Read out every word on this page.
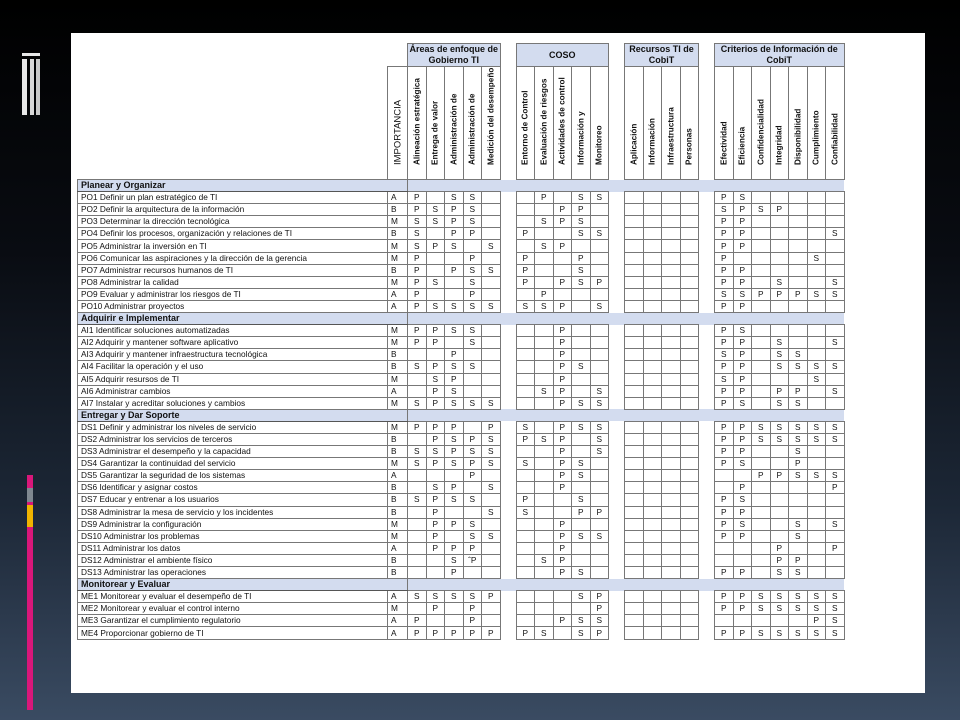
		Áreas de enfoque de Gobierno TI						COSO						Recursos TI de CobiT					Criterios de Información de CobiT						

	IMPORTANCIA	Alineación estratégica	Entrega de valor	Administración de	Administración de	Medición del desempeño		Entorno de Control	Evaluación de riesgos	Actividades de control	Información y	Monitoreo		Aplicación	Información	Infraestructura	Personas		Efectividad	Eficiencia	Confidencialidad	Integridad	Disponibilidad	Cumplimiento	Confiabilidad

Planear y Organizar																									
PO1 Definir un plan estratégico de TI	A	P		S	S				P		S	S							P	S					
PO2 Definir la arquitectura de la información	B	P	S	P	S					P	P								S	P	S	P			
PO3 Determinar la dirección tecnológica	M	S	S	P	S				S	P	S								P	P					
PO4 Definir los procesos, organización y relaciones de TI	B	S		P	P			P			S	S							P	P					S
PO5 Administrar la inversión en TI	M	S	P	S		S			S	P									P	P					
PO6 Comunicar las aspiraciones y la dirección de la gerencia	M	P			P			P			P								P					S	
PO7 Administrar recursos humanos de TI	B	P		P	S	S		P			S								P	P					
PO8 Administrar la calidad	M	P	S		S			P		P	S	P							P	P		S			S
PO9 Evaluar y administrar los riesgos de TI	A	P			P				P										S	S	P	P	P	S	S
PO10 Administrar proyectos	A	P	S	S	S	S		S	S	P		S							P	P					
Adquirir e Implementar																									
AI1 Identificar soluciones automatizadas	M	P	P	S	S					P									P	S					
AI2 Adquirir y mantener software aplicativo	M	P	P		S					P									P	P		S			S
AI3 Adquirir y mantener infraestructura tecnológica	B			P						P									S	P		S	S		
AI4 Facilitar la operación y el uso	B	S	P	S	S					P	S								P	P		S	S	S	S
AI5 Adquirir resursos de TI	M		S	P						P									S	P				S	
AI6 Administrar cambios	A		P	S					S	P		S							P	P		P	P		S
AI7 Instalar y acreditar soluciones y cambios	M	S	P	S	S	S				P	S	S							P	S		S	S		
Entregar y Dar Soporte																									
DS1 Definir y administrar los niveles de servicio	M	P	P	P		P		S		P	S	S							P	P	S	S	S	S	S
DS2 Administrar los servicios de terceros	B		P	S	P	S		P	S	P		S							P	P	S	S	S	S	S
DS3 Administrar el desempeño y la capacidad	B	S	S	P	S	S				P		S							P	P			S		
DS4 Garantizar la continuidad del servicio	M	S	P	S	P	S		S		P	S								P	S			P		
DS5 Garantizar la seguridad de los sistemas	A				P					P	S										P	P	S	S	S
DS6 Identificar y asignar costos	B		S	P		S				P										P					P
DS7 Educar y entrenar a los usuarios	B	S	P	S	S			P			S								P	S					
DS8 Administrar la mesa de servicio y los incidentes	B		P			S		S			P	P							P	P					
DS9 Administrar la configuración	M		P	P	S					P									P	S			S		S
DS10 Administrar los problemas	M		P		S	S				P	S	S							P	P			S		
DS11 Administrar los datos	A		P	P	P					P												P			P
DS12 Administrar el ambiente físico	B			S	ˆP				S	P												P	P		
DS13 Administrar las operaciones	B			P						P	S								P	P		S	S		
Monitorear y Evaluar																									
ME1 Monitorear y evaluar el desempeño de TI	A	S	S	S	S	P					S	P							P	P	S	S	S	S	S
ME2 Monitorear y evaluar el control interno	M		P		P							P							P	P	S	S	S	S	S
ME3 Garantizar el cumplimiento regulatorio	A	P			P					P	S	S												P	S
ME4 Proporcionar gobierno de TI	A	P	P	P	P	P		P	S		S	P							P	P	S	S	S	S	S
